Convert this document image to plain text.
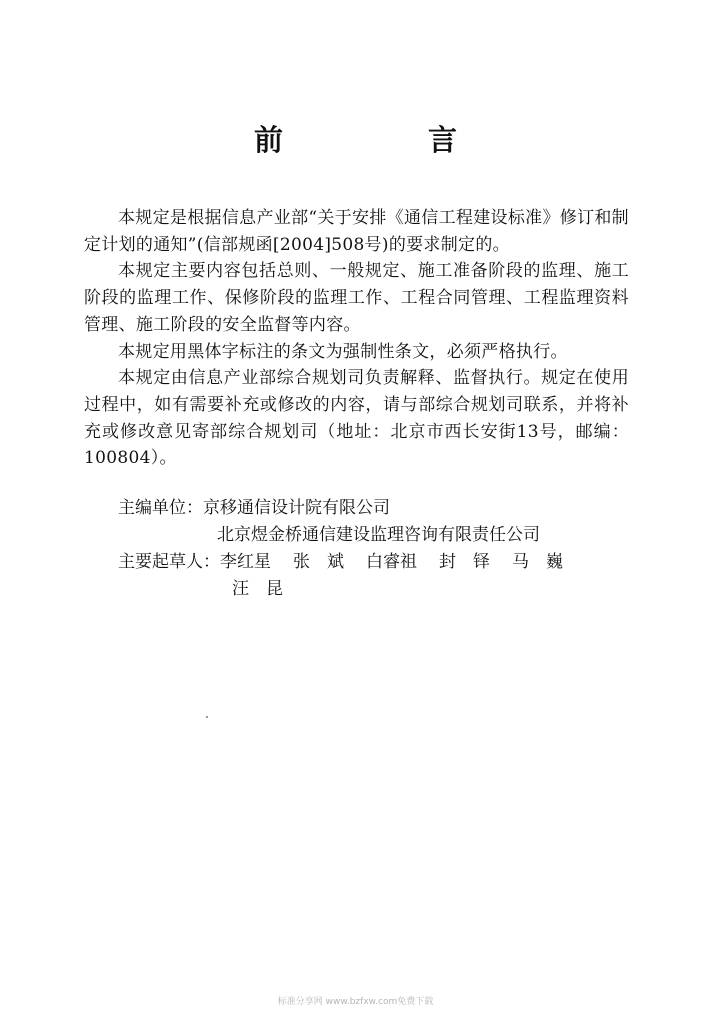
前　言

本规定是根据信息产业部“关于安排《通信工程建设标准》修订和制定计划的通知”(信部规函[2004]508号)的要求制定的。

本规定主要内容包括总则、一般规定、施工准备阶段的监理、施工阶段的监理工作、保修阶段的监理工作、工程合同管理、工程监理资料管理、施工阶段的安全监督等内容。

本规定用黑体字标注的条文为强制性条文，必须严格执行。

本规定由信息产业部综合规划司负责解释、监督执行。规定在使用过程中，如有需要补充或修改的内容，请与部综合规划司联系，并将补充或修改意见寄部综合规划司（地址：北京市西长安街13号，邮编：100804）。

主编单位：京移通信设计院有限公司
北京煜金桥通信建设监理咨询有限责任公司
主要起草人：李红星 张　斌 白睿祖 封　铎 马　巍
汪　昆
标准分享网 www.bzfxw.com免费下载
